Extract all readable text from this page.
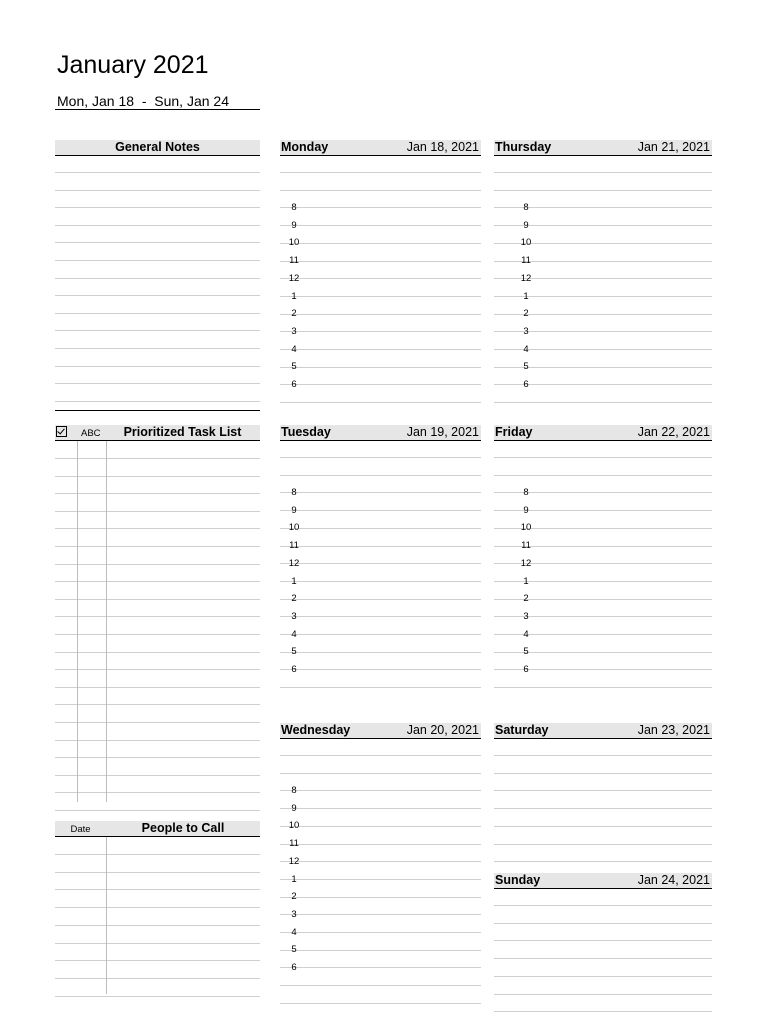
January 2021
Mon, Jan 18  -  Sun, Jan 24
General Notes
ABC	Prioritized Task List
Date	People to Call
Monday	Jan 18, 2021
8
9
10
11
12
1
2
3
4
5
6
Thursday	Jan 21, 2021
8
9
10
11
12
1
2
3
4
5
6
Tuesday	Jan 19, 2021
8
9
10
11
12
1
2
3
4
5
6
Friday	Jan 22, 2021
8
9
10
11
12
1
2
3
4
5
6
Wednesday	Jan 20, 2021
8
9
10
11
12
1
2
3
4
5
6
Saturday	Jan 23, 2021
Sunday	Jan 24, 2021
